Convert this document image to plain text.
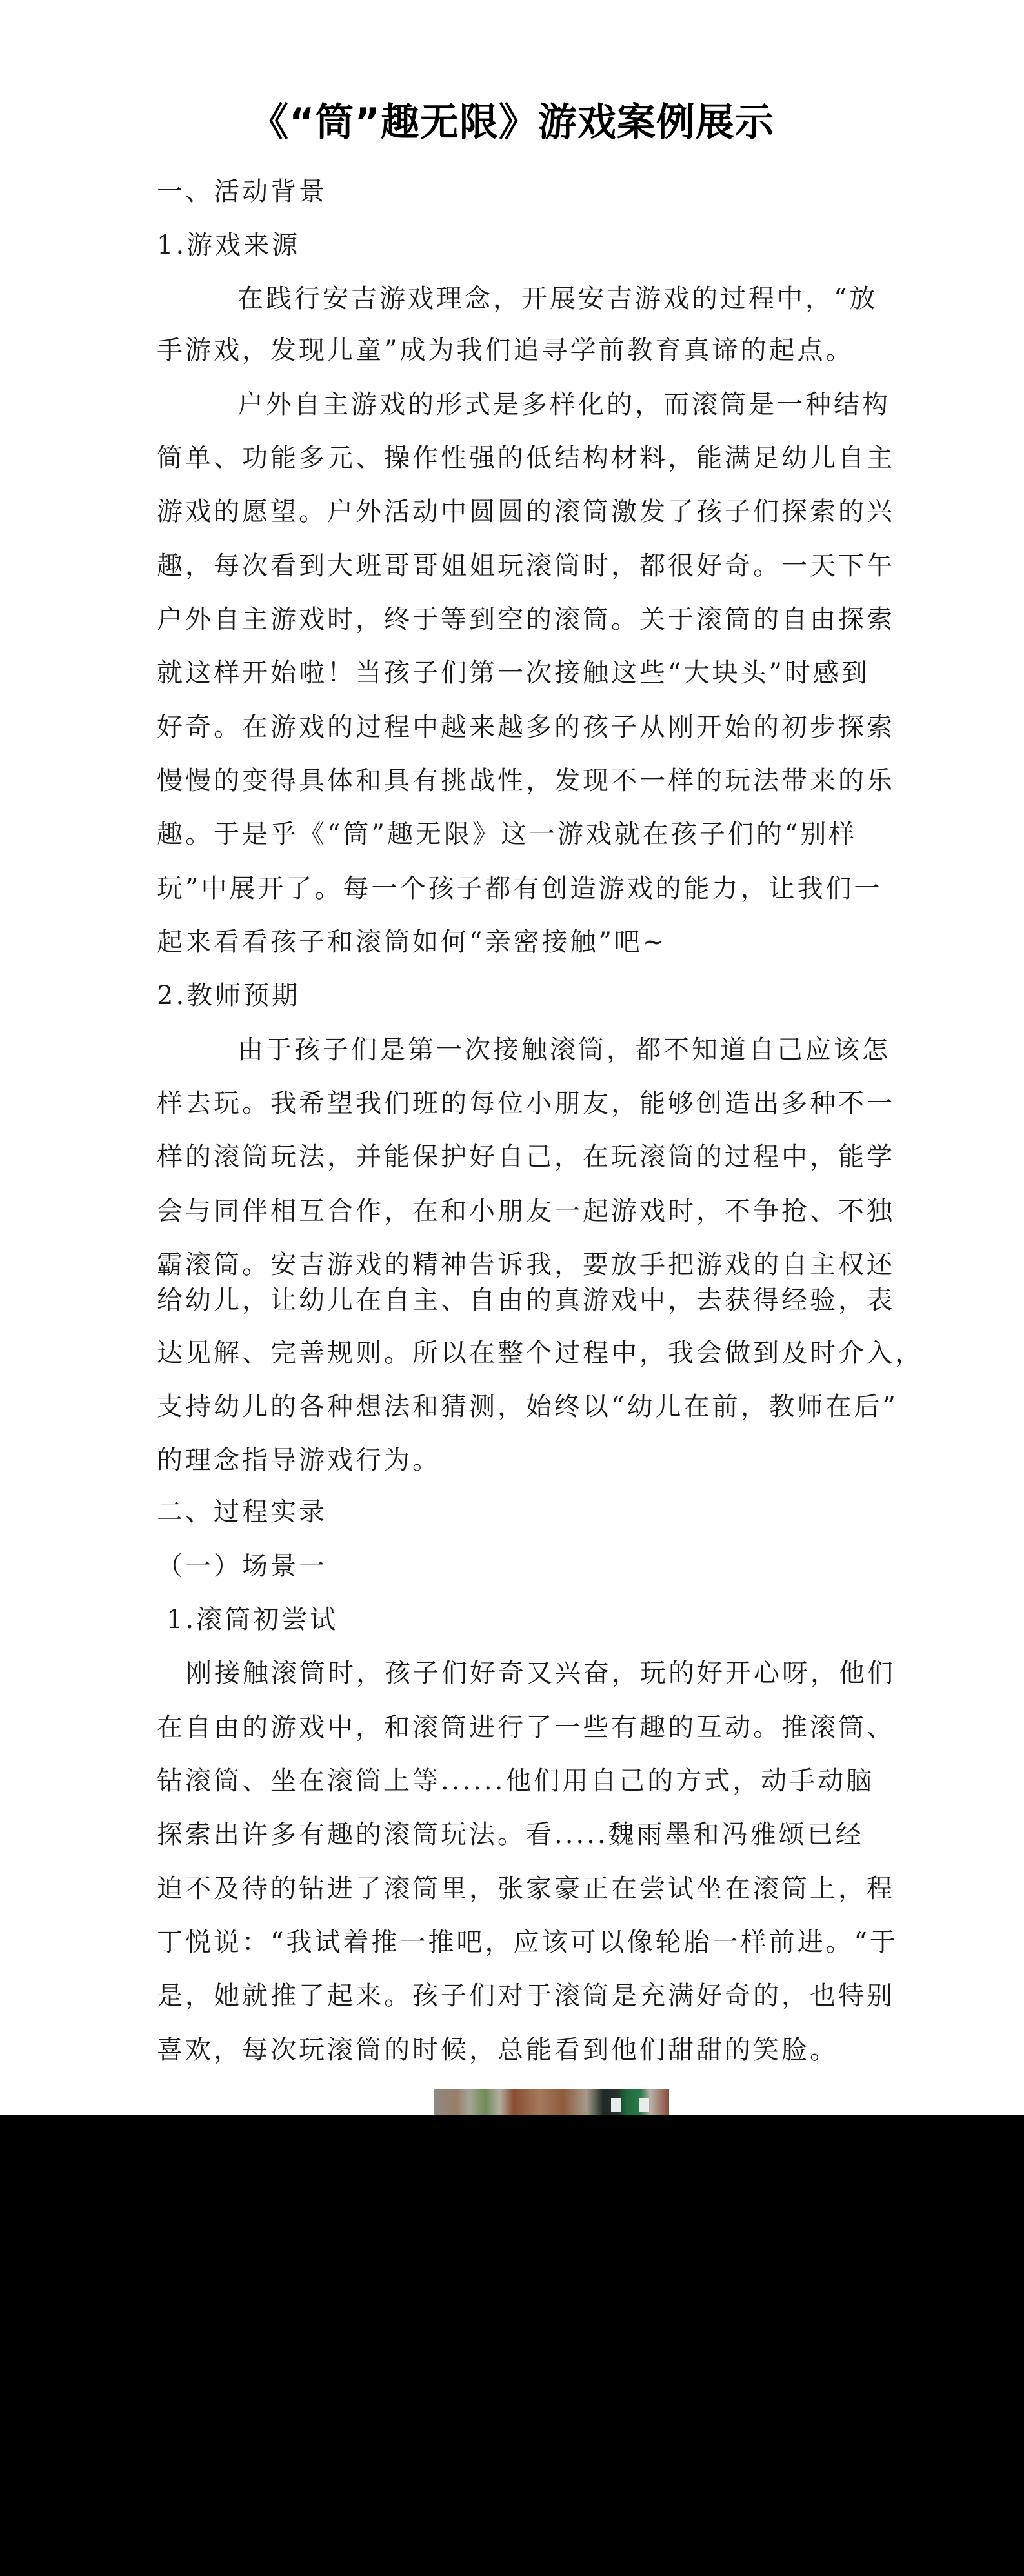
《“筒”趣无限》游戏案例展示
一、活动背景
1.游戏来源
在践行安吉游戏理念，开展安吉游戏的过程中，“放
手游戏，发现儿童”成为我们追寻学前教育真谛的起点。
户外自主游戏的形式是多样化的，而滚筒是一种结构
简单、功能多元、操作性强的低结构材料，能满足幼儿自主
游戏的愿望。户外活动中圆圆的滚筒激发了孩子们探索的兴
趣，每次看到大班哥哥姐姐玩滚筒时，都很好奇。一天下午
户外自主游戏时，终于等到空的滚筒。关于滚筒的自由探索
就这样开始啦！当孩子们第一次接触这些“大块头”时感到
好奇。在游戏的过程中越来越多的孩子从刚开始的初步探索
慢慢的变得具体和具有挑战性，发现不一样的玩法带来的乐
趣。于是乎《“筒”趣无限》这一游戏就在孩子们的“别样
玩”中展开了。每一个孩子都有创造游戏的能力，让我们一
起来看看孩子和滚筒如何“亲密接触”吧~
2.教师预期
由于孩子们是第一次接触滚筒，都不知道自己应该怎
样去玩。我希望我们班的每位小朋友，能够创造出多种不一
样的滚筒玩法，并能保护好自己，在玩滚筒的过程中，能学
会与同伴相互合作，在和小朋友一起游戏时，不争抢、不独
霸滚筒。安吉游戏的精神告诉我，要放手把游戏的自主权还
给幼儿，让幼儿在自主、自由的真游戏中，去获得经验，表
达见解、完善规则。所以在整个过程中，我会做到及时介入，
支持幼儿的各种想法和猜测，始终以“幼儿在前，教师在后”
的理念指导游戏行为。
二、过程实录
（一）场景一
1.滚筒初尝试
刚接触滚筒时，孩子们好奇又兴奋，玩的好开心呀，他们
在自由的游戏中，和滚筒进行了一些有趣的互动。推滚筒、
钻滚筒、坐在滚筒上等......他们用自己的方式，动手动脑
探索出许多有趣的滚筒玩法。看.....魏雨墨和冯雅颂已经
迫不及待的钻进了滚筒里，张家豪正在尝试坐在滚筒上，程
丁悦说：“我试着推一推吧，应该可以像轮胎一样前进。“于
是，她就推了起来。孩子们对于滚筒是充满好奇的，也特别
喜欢，每次玩滚筒的时候，总能看到他们甜甜的笑脸。
